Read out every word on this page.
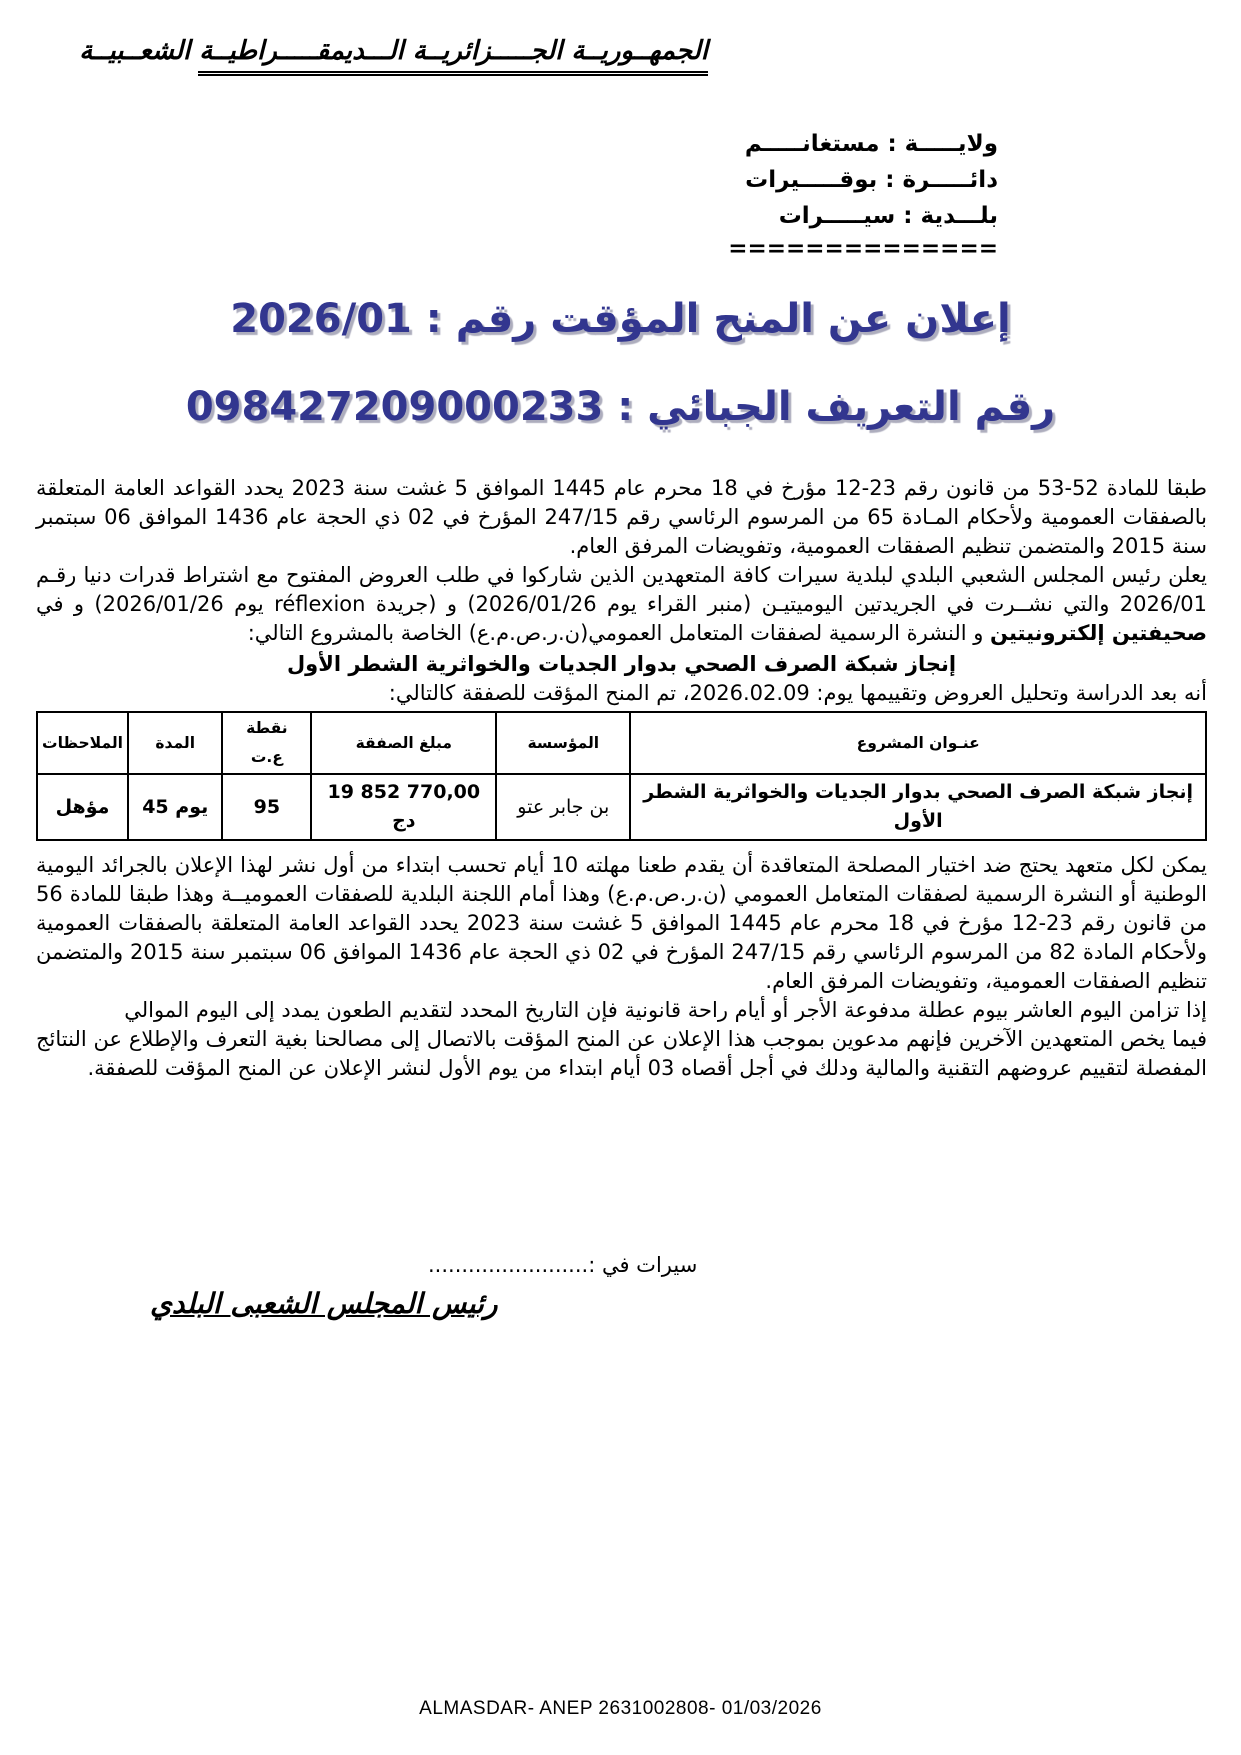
الجمهــوريــة الجـــــزائريــة الـــديمقـــــراطيــة الشعــبيــة
ولايـــــة : مستغانـــــم
دائـــــرة : بوقـــــيرات
بلـــدية : سيـــــرات
==============
إعلان عن المنح المؤقت رقم : 2026/01
رقم التعريف الجبائي : 098427209000233

طبقا للمادة 52-53 من قانون رقم 23-12 مؤرخ في 18 محرم عام 1445 الموافق 5 غشت سنة 2023 يحدد القواعد العامة المتعلقة بالصفقات العمومية ولأحكام المـادة 65 من المرسوم الرئاسي رقم 247/15 المؤرخ في 02 ذي الحجة عام 1436 الموافق 06 سبتمبر سنة 2015 والمتضمن تنظيم الصفقات العمومية، وتفويضات المرفق العام.

يعلن رئيس المجلس الشعبي البلدي لبلدية سيرات كافة المتعهدين الذين شاركوا في طلب العروض المفتوح مع اشتراط قدرات دنيا رقـم 2026/01 والتي نشــرت في الجريدتين اليوميتيـن (منبر القراء يوم 2026/01/26) و (جريدة réflexion يوم 2026/01/26) و في صحيفتين إلكترونيتين و النشرة الرسمية لصفقات المتعامل العمومي(ن.ر.ص.م.ع) الخاصة بالمشروع التالي:

إنجاز شبكة الصرف الصحي بدوار الجديات والخواثرية الشطر الأول

أنه بعد الدراسة وتحليل العروض وتقييمها يوم: 2026.02.09، تم المنح المؤقت للصفقة كالتالي:

عنـوان المشروع	المؤسسة	مبلغ الصفقة	نقطة ع.ت	المدة	الملاحظات
إنجاز شبكة الصرف الصحي بدوار الجديات والخواثرية الشطر الأول	بن جابر عتو	19 852 770,00 دج	95	45 يوم	مؤهل

يمكن لكل متعهد يحتج ضد اختيار المصلحة المتعاقدة أن يقدم طعنا مهلته 10 أيام تحسب ابتداء من أول نشر لهذا الإعلان بالجرائد اليومية الوطنية أو النشرة الرسمية لصفقات المتعامل العمومي (ن.ر.ص.م.ع) وهذا أمام اللجنة البلدية للصفقات العموميــة وهذا طبقا للمادة 56 من قانون رقم 23-12 مؤرخ في 18 محرم عام 1445 الموافق 5 غشت سنة 2023 يحدد القواعد العامة المتعلقة بالصفقات العمومية ولأحكام المادة 82 من المرسوم الرئاسي رقم 247/15 المؤرخ في 02 ذي الحجة عام 1436 الموافق 06 سبتمبر سنة 2015 والمتضمن تنظيم الصفقات العمومية، وتفويضات المرفق العام.

إذا تزامن اليوم العاشر بيوم عطلة مدفوعة الأجر أو أيام راحة قانونية فإن التاريخ المحدد لتقديم الطعون يمدد إلى اليوم الموالي

فيما يخص المتعهدين الآخرين فإنهم مدعوين بموجب هذا الإعلان عن المنح المؤقت بالاتصال إلى مصالحنا بغية التعرف والإطلاع عن النتائج المفصلة لتقييم عروضهم التقنية والمالية ودلك في أجل أقصاه 03 أيام ابتداء من يوم الأول لنشر الإعلان عن المنح المؤقت للصفقة.

سيرات في :........................
رئيس المجلس الشعبى البلدي
ALMASDAR- ANEP 2631002808- 01/03/2026
